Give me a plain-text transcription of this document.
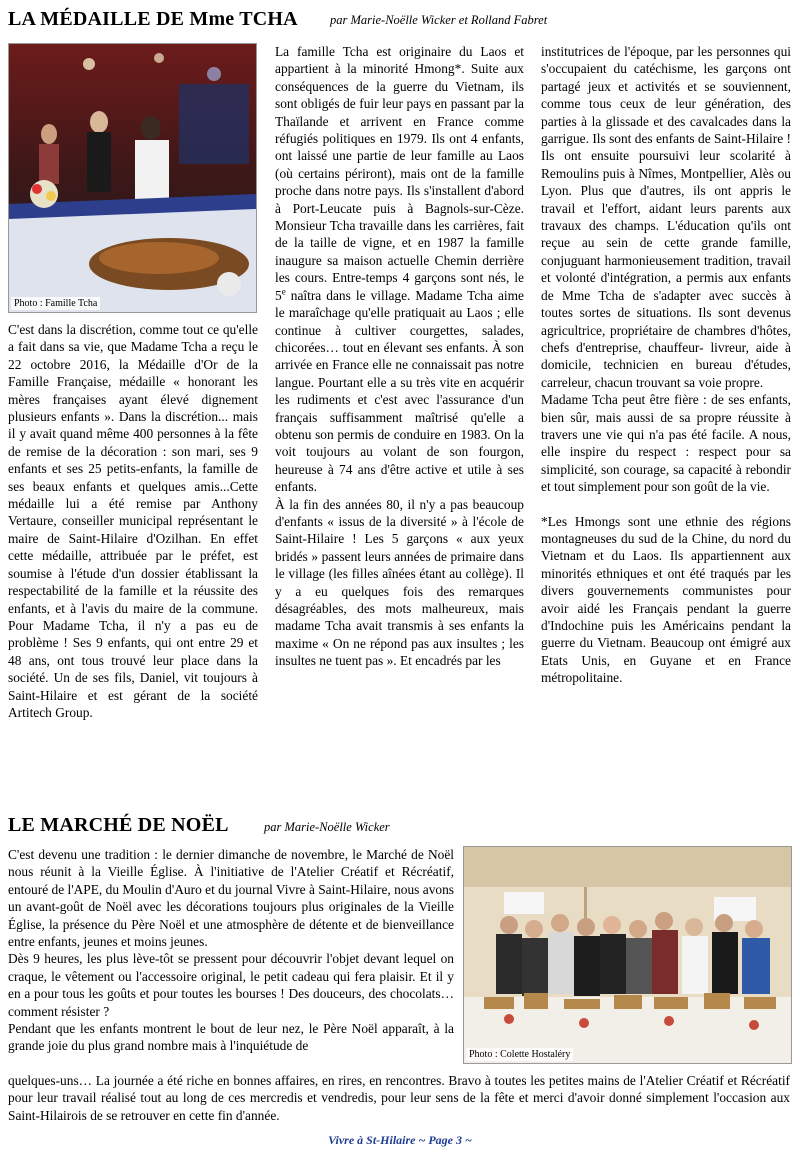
LA MÉDAILLE DE Mme TCHA	par Marie-Noëlle Wicker et Rolland Fabret
Photo : Famille Tcha

C'est dans la discrétion, comme tout ce qu'elle a fait dans sa vie, que Madame Tcha a reçu le 22 octobre 2016, la Médaille d'Or de la Famille Française, médaille « honorant les mères françaises ayant élevé dignement plusieurs enfants ». Dans la discrétion... mais il y avait quand même 400 personnes à la fête de remise de la décoration : son mari, ses 9 enfants et ses 25 petits-enfants, la famille de ses beaux enfants et quelques amis...Cette médaille lui a été remise par Anthony Vertaure, conseiller municipal représentant le maire de Saint-Hilaire d'Ozilhan. En effet cette médaille, attribuée par le préfet, est soumise à l'étude d'un dossier établissant la respectabilité de la famille et la réussite des enfants, et à l'avis du maire de la commune. Pour Madame Tcha, il n'y a pas eu de problème ! Ses 9 enfants, qui ont entre 29 et 48 ans, ont tous trouvé leur place dans la société. Un de ses fils, Daniel, vit toujours à Saint-Hilaire et est gérant de la société Artitech Group.

La famille Tcha est originaire du Laos et appartient à la minorité Hmong*. Suite aux conséquences de la guerre du Vietnam, ils sont obligés de fuir leur pays en passant par la Thaïlande et arrivent en France comme réfugiés politiques en 1979. Ils ont 4 enfants, ont laissé une partie de leur famille au Laos (où certains périront), mais ont de la famille proche dans notre pays. Ils s'installent d'abord à Port-Leucate puis à Bagnols-sur-Cèze. Monsieur Tcha travaille dans les carrières, fait de la taille de vigne, et en 1987 la famille inaugure sa maison actuelle Chemin derrière les cours. Entre-temps 4 garçons sont nés, le 5e naîtra dans le village. Madame Tcha aime le maraîchage qu'elle pratiquait au Laos ; elle continue à cultiver courgettes, salades, chicorées… tout en élevant ses enfants. À son arrivée en France elle ne connaissait pas notre langue. Pourtant elle a su très vite en acquérir les rudiments et c'est avec l'assurance d'un français suffisamment maîtrisé qu'elle a obtenu son permis de conduire en 1983. On la voit toujours au volant de son fourgon, heureuse à 74 ans d'être active et utile à ses enfants.

À la fin des années 80, il n'y a pas beaucoup d'enfants « issus de la diversité » à l'école de Saint-Hilaire ! Les 5 garçons « aux yeux bridés » passent leurs années de primaire dans le village (les filles aînées étant au collège). Il y a eu quelques fois des remarques désagréables, des mots malheureux, mais madame Tcha avait transmis à ses enfants la maxime « On ne répond pas aux insultes ; les insultes ne tuent pas ». Et encadrés par les

institutrices de l'époque, par les personnes qui s'occupaient du catéchisme, les garçons ont partagé jeux et activités et se souviennent, comme tous ceux de leur génération, des parties à la glissade et des cavalcades dans la garrigue. Ils sont des enfants de Saint-Hilaire ! Ils ont ensuite poursuivi leur scolarité à Remoulins puis à Nîmes, Montpellier, Alès ou Lyon. Plus que d'autres, ils ont appris le travail et l'effort, aidant leurs parents aux travaux des champs. L'éducation qu'ils ont reçue au sein de cette grande famille, conjuguant harmonieusement tradition, travail et volonté d'intégration, a permis aux enfants de Mme Tcha de s'adapter avec succès à toutes sortes de situations. Ils sont devenus agricultrice, propriétaire de chambres d'hôtes, chefs d'entreprise, chauffeur- livreur, aide à domicile, technicien en bureau d'études, carreleur, chacun trouvant sa voie propre.

Madame Tcha peut être fière : de ses enfants, bien sûr, mais aussi de sa propre réussite à travers une vie qui n'a pas été facile. A nous, elle inspire du respect : respect pour sa simplicité, son courage, sa capacité à rebondir et tout simplement pour son goût de la vie.

*Les Hmongs sont une ethnie des régions montagneuses du sud de la Chine, du nord du Vietnam et du Laos. Ils appartiennent aux minorités ethniques et ont été traqués par les divers gouvernements communistes pour avoir aidé les Français pendant la guerre d'Indochine puis les Américains pendant la guerre du Vietnam. Beaucoup ont émigré aux Etats Unis, en Guyane et en France métropolitaine.

LE MARCHÉ DE NOËL	par Marie-Noëlle Wicker
Photo : Colette Hostaléry

C'est devenu une tradition : le dernier dimanche de novembre, le Marché de Noël nous réunit à la Vieille Église. À l'initiative de l'Atelier Créatif et Récréatif, entouré de l'APE, du Moulin d'Auro et du journal Vivre à Saint-Hilaire, nous avons un avant-goût de Noël avec les décorations toujours plus originales de la Vieille Église, la présence du Père Noël et une atmosphère de détente et de bienveillance entre enfants, jeunes et moins jeunes.

Dès 9 heures, les plus lève-tôt se pressent pour découvrir l'objet devant lequel on craque, le vêtement ou l'accessoire original, le petit cadeau qui fera plaisir. Et il y en a pour tous les goûts et pour toutes les bourses ! Des douceurs, des chocolats… comment résister ?

Pendant que les enfants montrent le bout de leur nez, le Père Noël apparaît, à la grande joie du plus grand nombre mais à l'inquiétude de

quelques-uns… La journée a été riche en bonnes affaires, en rires, en rencontres. Bravo à toutes les petites mains de l'Atelier Créatif et Récréatif pour leur travail réalisé tout au long de ces mercredis et vendredis, pour leur sens de la fête et merci d'avoir donné simplement l'occasion aux Saint-Hilairois de se retrouver en cette fin d'année.

Vivre à St-Hilaire ~ Page 3 ~
